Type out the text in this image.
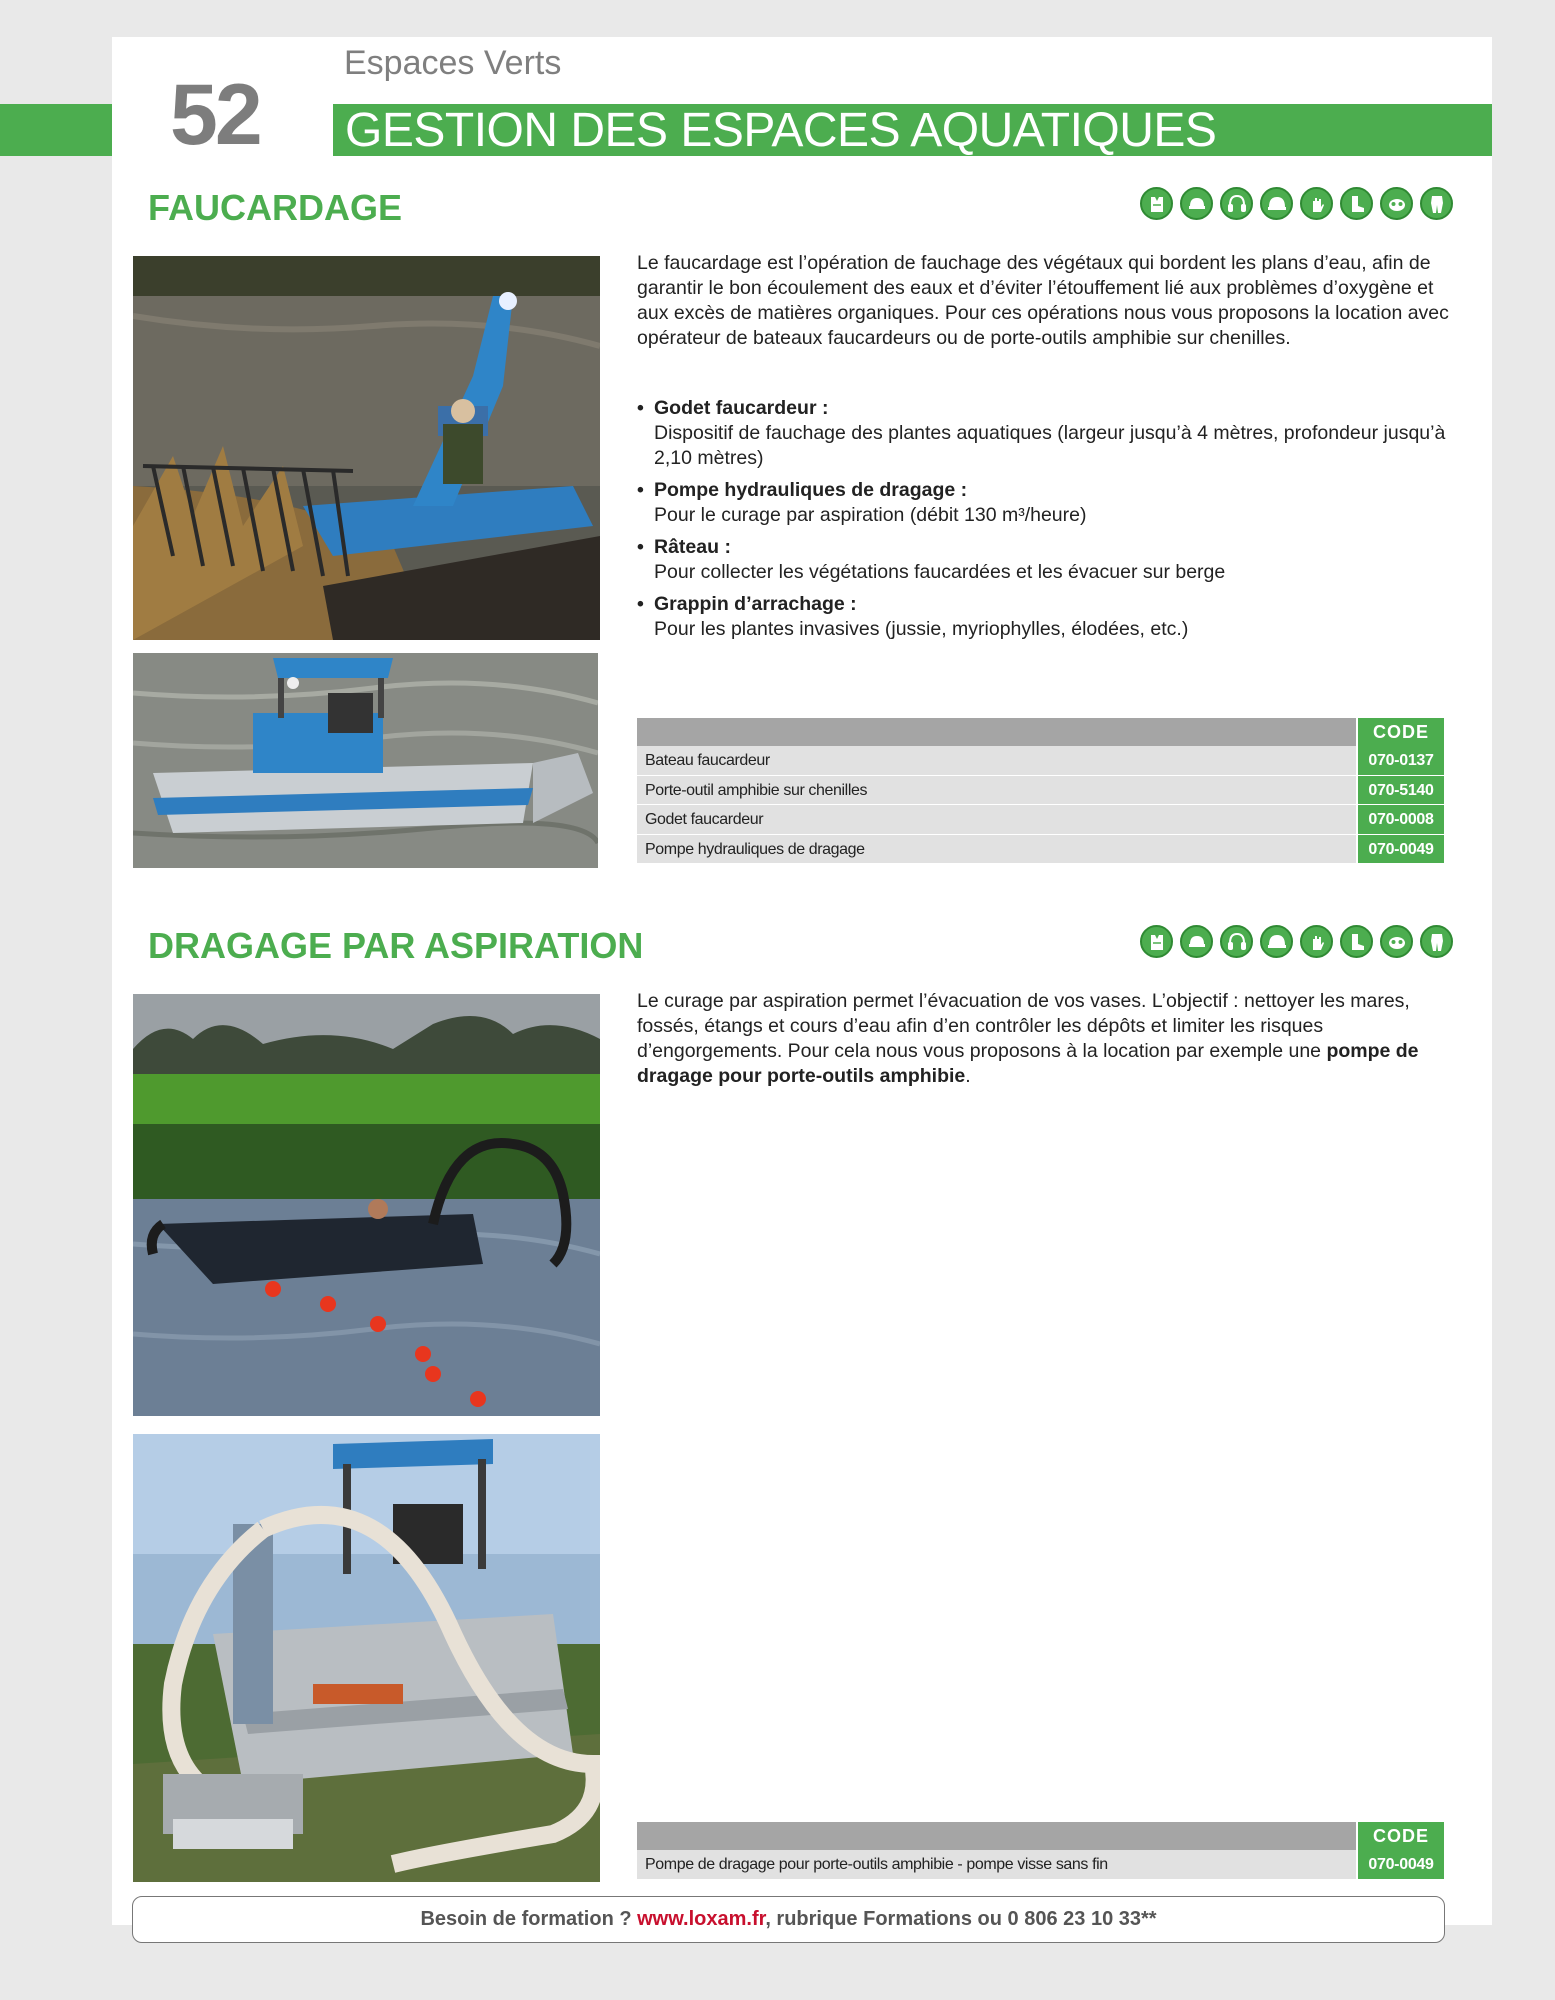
52
Espaces Verts
GESTION DES ESPACES AQUATIQUES
FAUCARDAGE
Le faucardage est l’opération de fauchage des végétaux qui bordent les plans d’eau, afin de garantir le bon écoulement des eaux et d’éviter l’étouffement lié aux problèmes d’oxygène et aux excès de matières organiques. Pour ces opérations nous vous proposons la location avec opérateur de bateaux faucardeurs ou de porte-outils amphibie sur chenilles.
• Godet faucardeur :
Dispositif de fauchage des plantes aquatiques (largeur jusqu’à 4 mètres, profondeur jusqu’à 2,10 mètres)
• Pompe hydrauliques de dragage :
Pour le curage par aspiration (débit 130 m³/heure)
• Râteau :
Pour collecter les végétations faucardées et les évacuer sur berge
• Grappin d’arrachage :
Pour les plantes invasives (jussie, myriophylles, élodées, etc.)
CODE
Bateau faucardeur	070-0137
Porte-outil amphibie sur chenilles	070-5140
Godet faucardeur	070-0008
Pompe hydrauliques de dragage	070-0049
DRAGAGE PAR ASPIRATION
Le curage par aspiration permet l’évacuation de vos vases. L’objectif : nettoyer les mares, fossés, étangs et cours d’eau afin d’en contrôler les dépôts et limiter les risques d’engorgements. Pour cela nous vous proposons à la location par exemple une pompe de dragage pour porte-outils amphibie.
CODE
Pompe de dragage pour porte-outils amphibie - pompe visse sans fin	070-0049
Besoin de formation ? www.loxam.fr, rubrique Formations ou 0 806 23 10 33**
